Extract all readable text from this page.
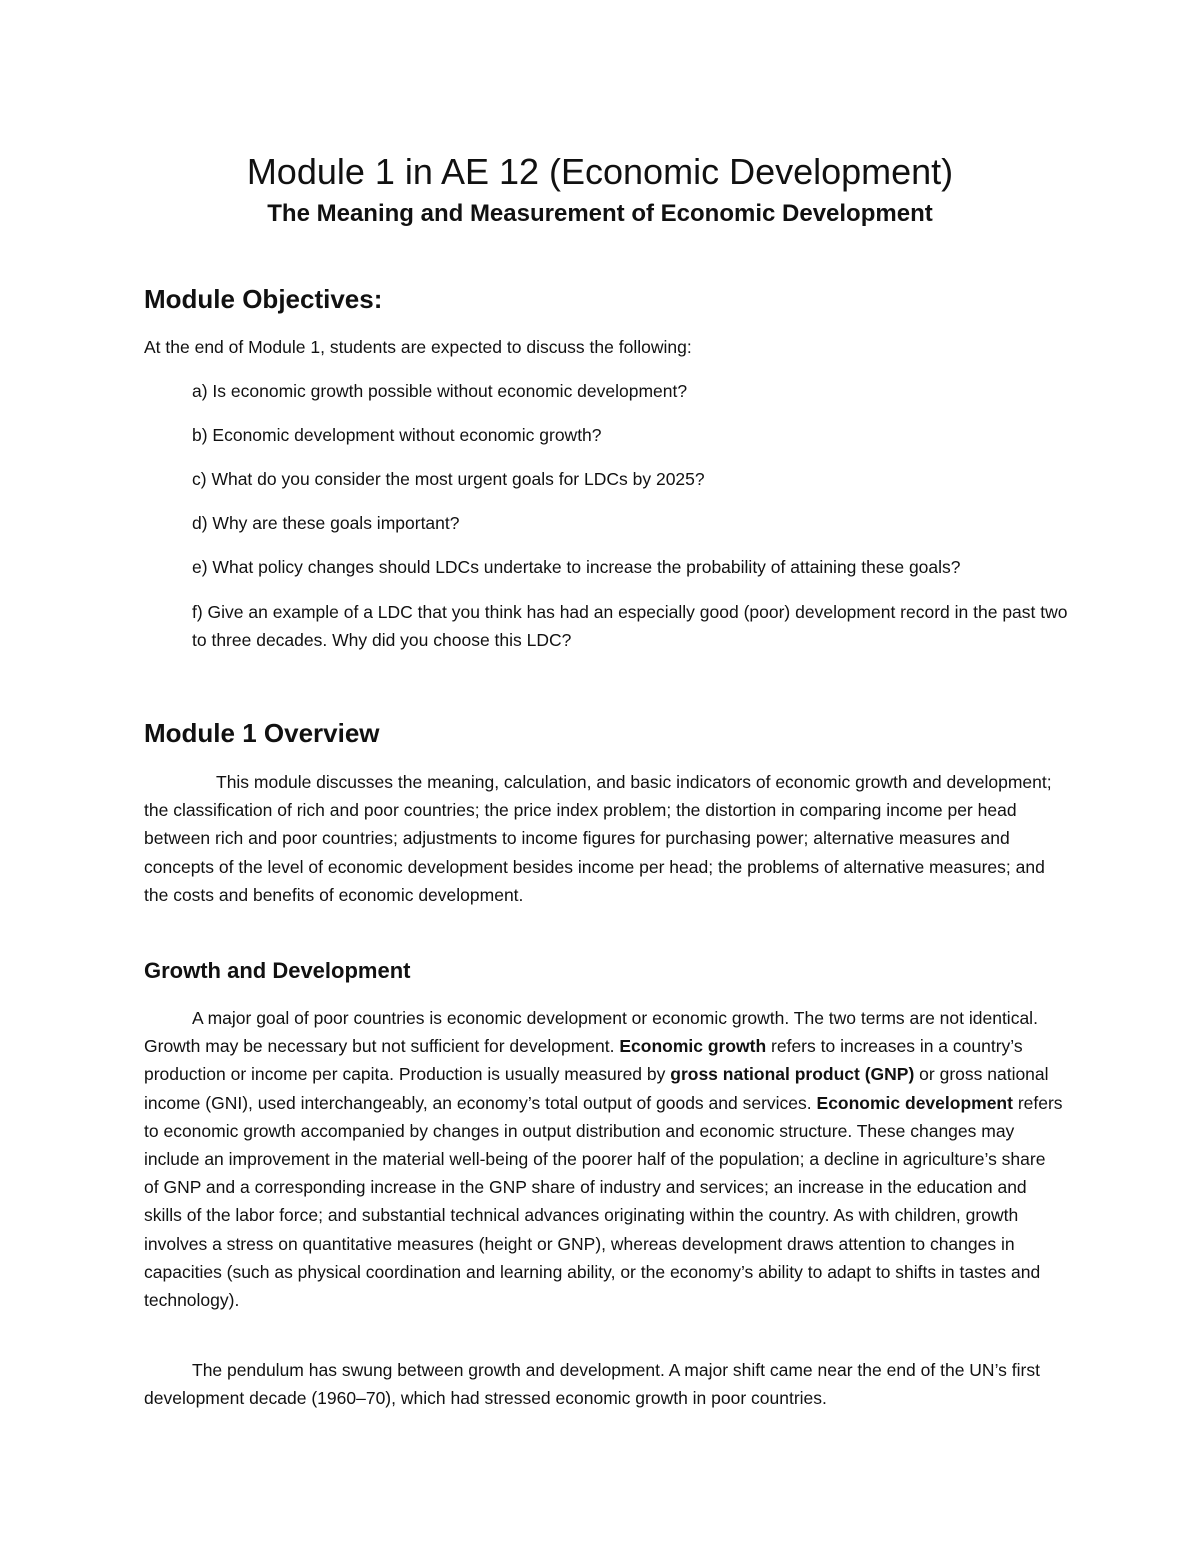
Module 1 in AE 12 (Economic Development)
The Meaning and Measurement of Economic Development
Module Objectives:
At the end of Module 1, students are expected to discuss the following:
a) Is economic growth possible without economic development?
b) Economic development without economic growth?
c) What do you consider the most urgent goals for LDCs by 2025?
d) Why are these goals important?
e) What policy changes should LDCs undertake to increase the probability of attaining these goals?
f) Give an example of a LDC that you think has had an especially good (poor) development record in the past two to three decades. Why did you choose this LDC?
Module 1 Overview

This module discusses the meaning, calculation, and basic indicators of economic growth and development; the classification of rich and poor countries; the price index problem; the distortion in comparing income per head between rich and poor countries; adjustments to income figures for purchasing power; alternative measures and concepts of the level of economic development besides income per head; the problems of alternative measures; and the costs and benefits of economic development.

Growth and Development

A major goal of poor countries is economic development or economic growth. The two terms are not identical. Growth may be necessary but not sufficient for development. Economic growth refers to increases in a country’s production or income per capita. Production is usually measured by gross national product (GNP) or gross national income (GNI), used interchangeably, an economy’s total output of goods and services. Economic development refers to economic growth accompanied by changes in output distribution and economic structure. These changes may include an improvement in the material well-being of the poorer half of the population; a decline in agriculture’s share of GNP and a corresponding increase in the GNP share of industry and services; an increase in the education and skills of the labor force; and substantial technical advances originating within the country. As with children, growth involves a stress on quantitative measures (height or GNP), whereas development draws attention to changes in capacities (such as physical coordination and learning ability, or the economy’s ability to adapt to shifts in tastes and technology).

The pendulum has swung between growth and development. A major shift came near the end of the UN’s first development decade (1960–70), which had stressed economic growth in poor countries.
